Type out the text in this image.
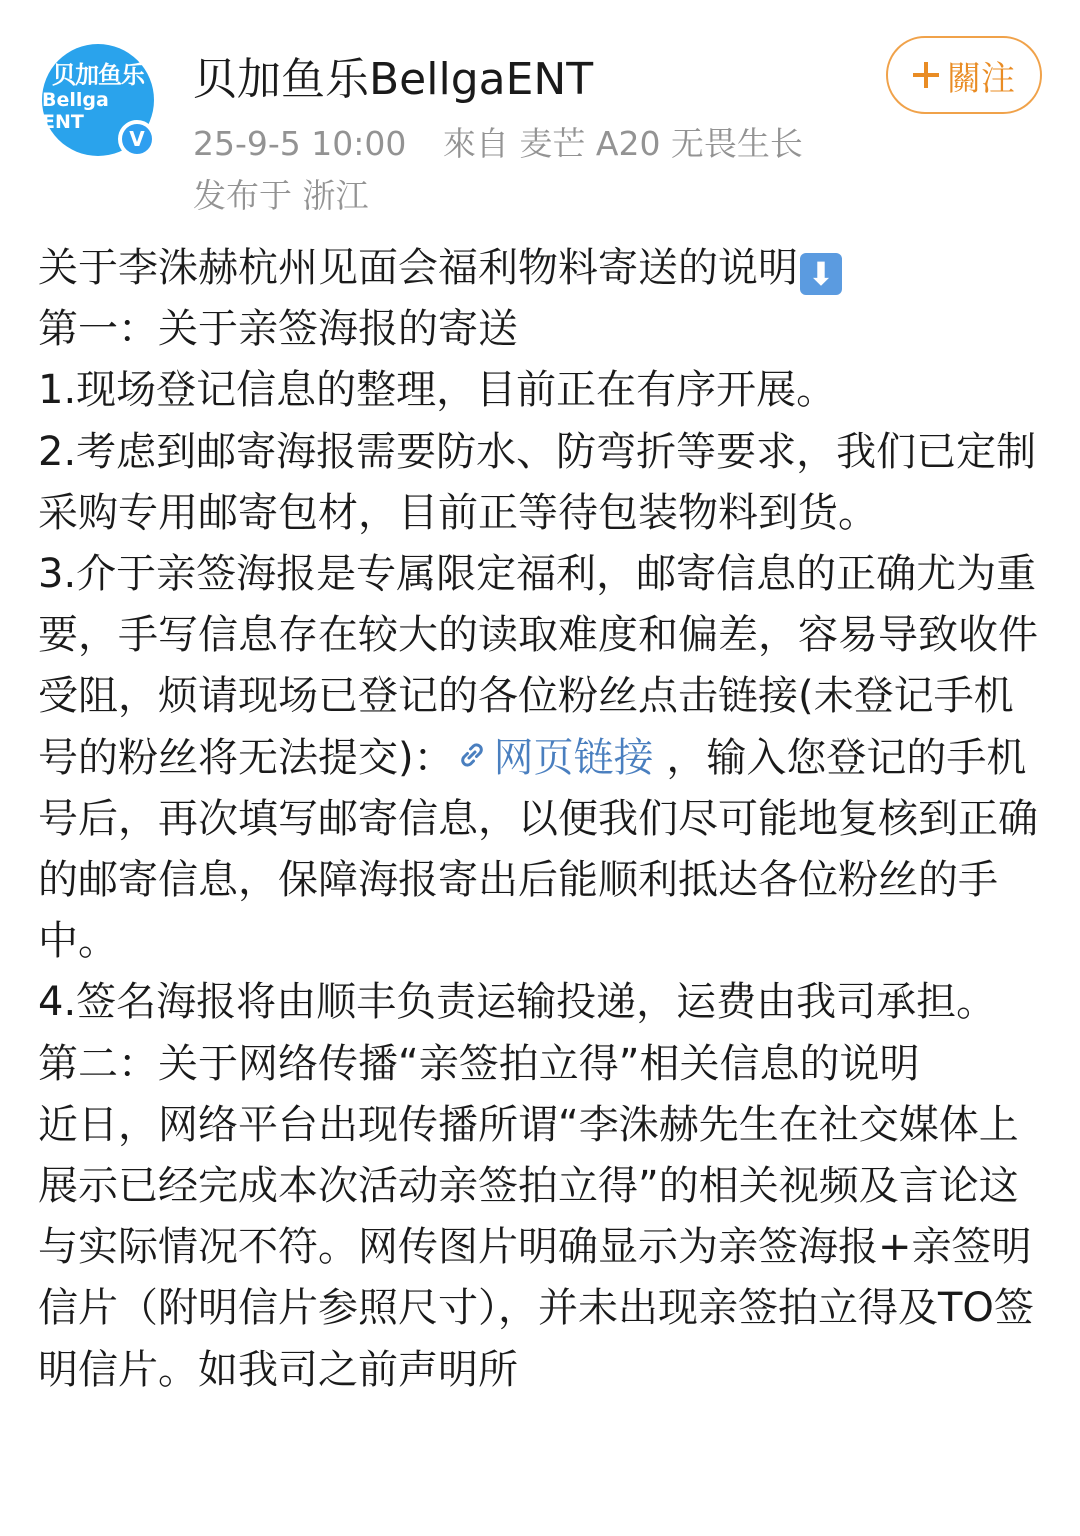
贝加鱼乐
Bellga ENT
V
贝加鱼乐BellgaENT
25-9-5 10:00 來自 麦芒 A20 无畏生长
发布于 浙江
關注

关于李洙赫杭州见面会福利物料寄送的说明 ⬇

第一：关于亲签海报的寄送

1.现场登记信息的整理，目前正在有序开展。

2.考虑到邮寄海报需要防水、防弯折等要求，我们已定制采购专用邮寄包材，目前正等待包装物料到货。

3.介于亲签海报是专属限定福利，邮寄信息的正确尤为重要，手写信息存在较大的读取难度和偏差，容易导致收件受阻，烦请现场已登记的各位粉丝点击链接(未登记手机号的粉丝将无法提交)： 网页链接 ，输入您登记的手机号后，再次填写邮寄信息，以便我们尽可能地复核到正确的邮寄信息，保障海报寄出后能顺利抵达各位粉丝的手中。

4.签名海报将由顺丰负责运输投递，运费由我司承担。

第二：关于网络传播“亲签拍立得”相关信息的说明

近日，网络平台出现传播所谓“李洙赫先生在社交媒体上展示已经完成本次活动亲签拍立得”的相关视频及言论这与实际情况不符。网传图片明确显示为亲签海报+亲签明信片（附明信片参照尺寸），并未出现亲签拍立得及TO签明信片。如我司之前声明所
